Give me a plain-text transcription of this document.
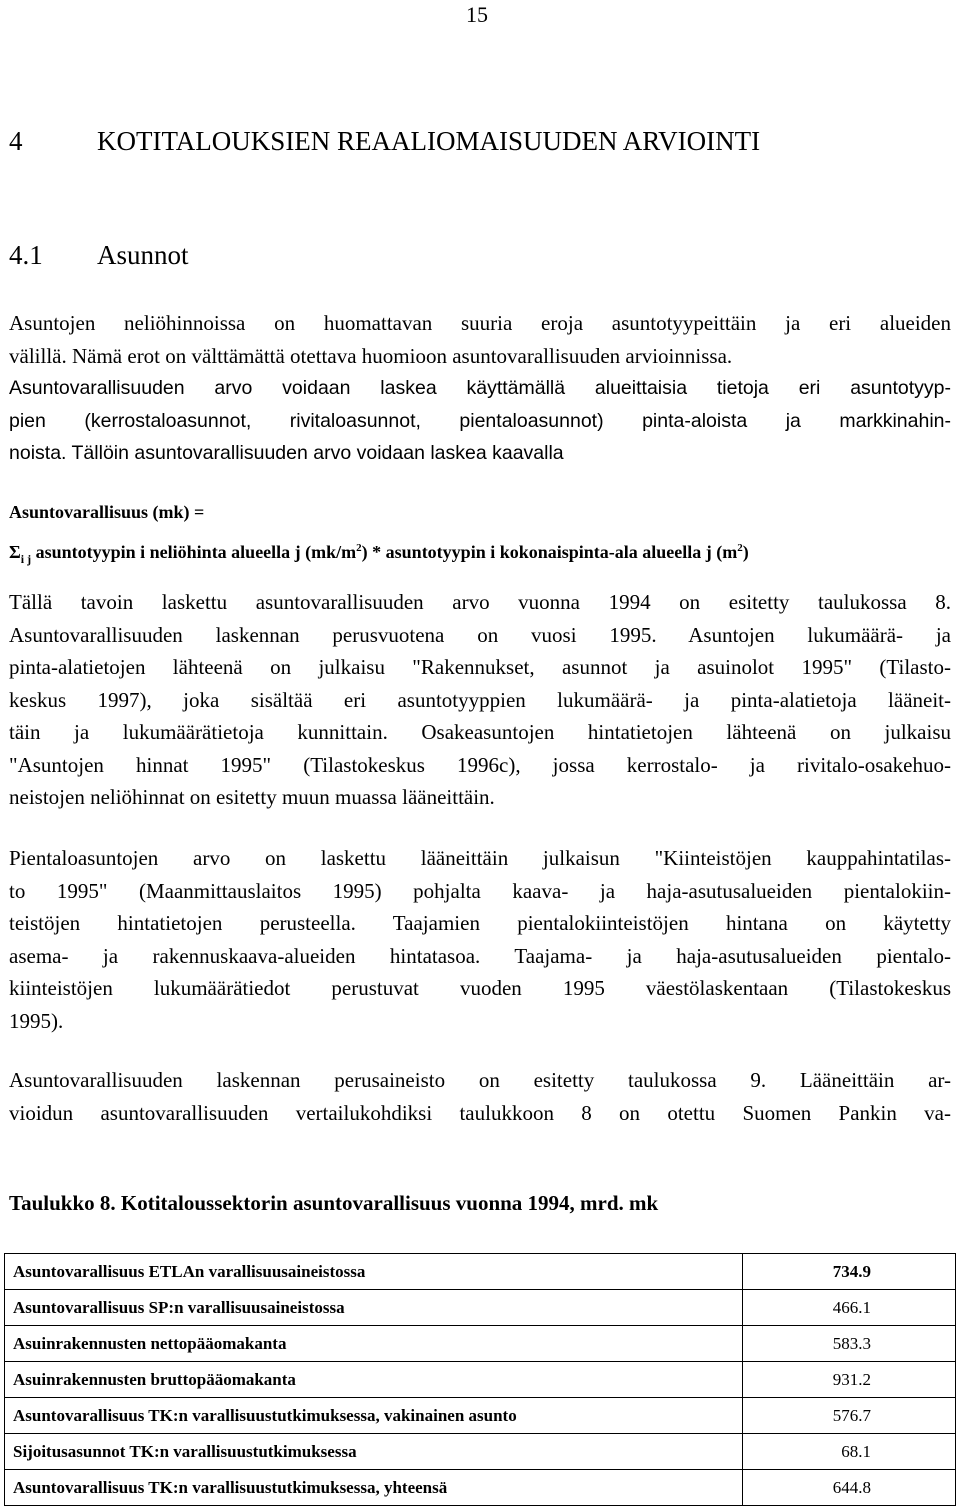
15
4	KOTITALOUKSIEN REAALIOMAISUUDEN ARVIOINTI
4.1 Asunnot
Asuntojen neliöhinnoissa on huomattavan suuria eroja asuntotyypeittäin ja eri alueiden
välillä. Nämä erot on välttämättä otettava huomioon asuntovarallisuuden arvioinnissa.
Asuntovarallisuuden arvo voidaan laskea käyttämällä alueittaisia tietoja eri asuntotyyp-
pien (kerrostaloasunnot, rivitaloasunnot, pientaloasunnot) pinta-aloista ja markkinahin-
noista. Tällöin asuntovarallisuuden arvo voidaan laskea kaavalla
Asuntovarallisuus (mk) =
$\Sigma_{i j}$ asuntotyypin i neliöhinta alueella j $(mk/m^2)$ * asuntotyypin i kokonaispinta-ala alueella j $(m^2)$
Tällä tavoin laskettu asuntovarallisuuden arvo vuonna 1994 on esitetty taulukossa 8.
Asuntovarallisuuden laskennan perusvuotena on vuosi 1995. Asuntojen lukumäärä- ja
pinta-alatietojen lähteenä on julkaisu "Rakennukset, asunnot ja asuinolot 1995" (Tilasto-
keskus 1997), joka sisältää eri asuntotyyppien lukumäärä- ja pinta-alatietoja lääneit-
täin ja lukumäärätietoja kunnittain. Osakeasuntojen hintatietojen lähteenä on julkaisu
"Asuntojen hinnat 1995" (Tilastokeskus 1996c), jossa kerrostalo- ja rivitalo-osakehuo-
neistojen neliöhinnat on esitetty muun muassa lääneittäin.
Pientaloasuntojen arvo on laskettu lääneittäin julkaisun "Kiinteistöjen kauppahintatilas-
to 1995" (Maanmittauslaitos 1995) pohjalta kaava- ja haja-asutusalueiden pientalokiin-
teistöjen hintatietojen perusteella. Taajamien pientalokiinteistöjen hintana on käytetty
asema- ja rakennuskaava-alueiden hintatasoa. Taajama- ja haja-asutusalueiden pientalo-
kiinteistöjen lukumäärätiedot perustuvat vuoden 1995 väestölaskentaan (Tilastokeskus
1995).
Asuntovarallisuuden laskennan perusaineisto on esitetty taulukossa 9. Lääneittäin ar-
vioidun asuntovarallisuuden vertailukohdiksi taulukkoon 8 on otettu Suomen Pankin va-
Taulukko 8. Kotitaloussektorin asuntovarallisuus vuonna 1994, mrd. mk
Asuntovarallisuus ETLAn varallisuusaineistossa	734.9
Asuntovarallisuus SP:n varallisuusaineistossa	466.1
Asuinrakennusten nettopääomakanta	583.3
Asuinrakennusten bruttopääomakanta	931.2
Asuntovarallisuus TK:n varallisuustutkimuksessa, vakinainen asunto	576.7
Sijoitusasunnot TK:n varallisuustutkimuksessa	68.1
Asuntovarallisuus TK:n varallisuustutkimuksessa, yhteensä	644.8
